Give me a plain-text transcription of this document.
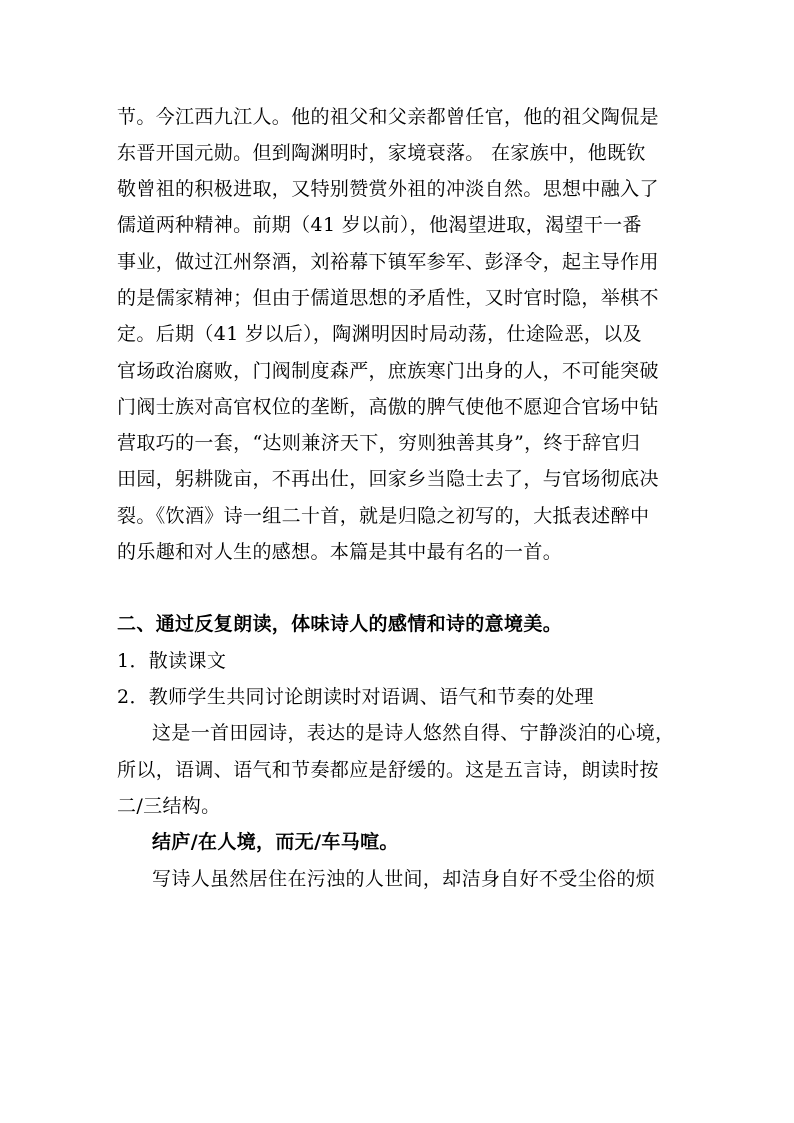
节。今江西九江人。他的祖父和父亲都曾任官，他的祖父陶侃是
东晋开国元勋。但到陶渊明时，家境衰落。 在家族中，他既钦
敬曾祖的积极进取，又特别赞赏外祖的冲淡自然。思想中融入了
儒道两种精神。前期（41 岁以前），他渴望进取，渴望干一番
事业，做过江州祭酒，刘裕幕下镇军参军、彭泽令，起主导作用
的是儒家精神；但由于儒道思想的矛盾性，又时官时隐，举棋不
定。后期（41 岁以后），陶渊明因时局动荡，仕途险恶，以及
官场政治腐败，门阀制度森严，庶族寒门出身的人，不可能突破
门阀士族对高官权位的垄断，高傲的脾气使他不愿迎合官场中钻
营取巧的一套，“达则兼济天下，穷则独善其身”，终于辞官归
田园，躬耕陇亩，不再出仕，回家乡当隐士去了，与官场彻底决
裂。《饮酒》诗一组二十首，就是归隐之初写的，大抵表述醉中
的乐趣和对人生的感想。本篇是其中最有名的一首。
二、通过反复朗读，体味诗人的感情和诗的意境美。
1．散读课文
2．教师学生共同讨论朗读时对语调、语气和节奏的处理
这是一首田园诗，表达的是诗人悠然自得、宁静淡泊的心境，
所以，语调、语气和节奏都应是舒缓的。这是五言诗，朗读时按
二/三结构。
结庐/在人境，而无/车马喧。
写诗人虽然居住在污浊的人世间，却洁身自好不受尘俗的烦
